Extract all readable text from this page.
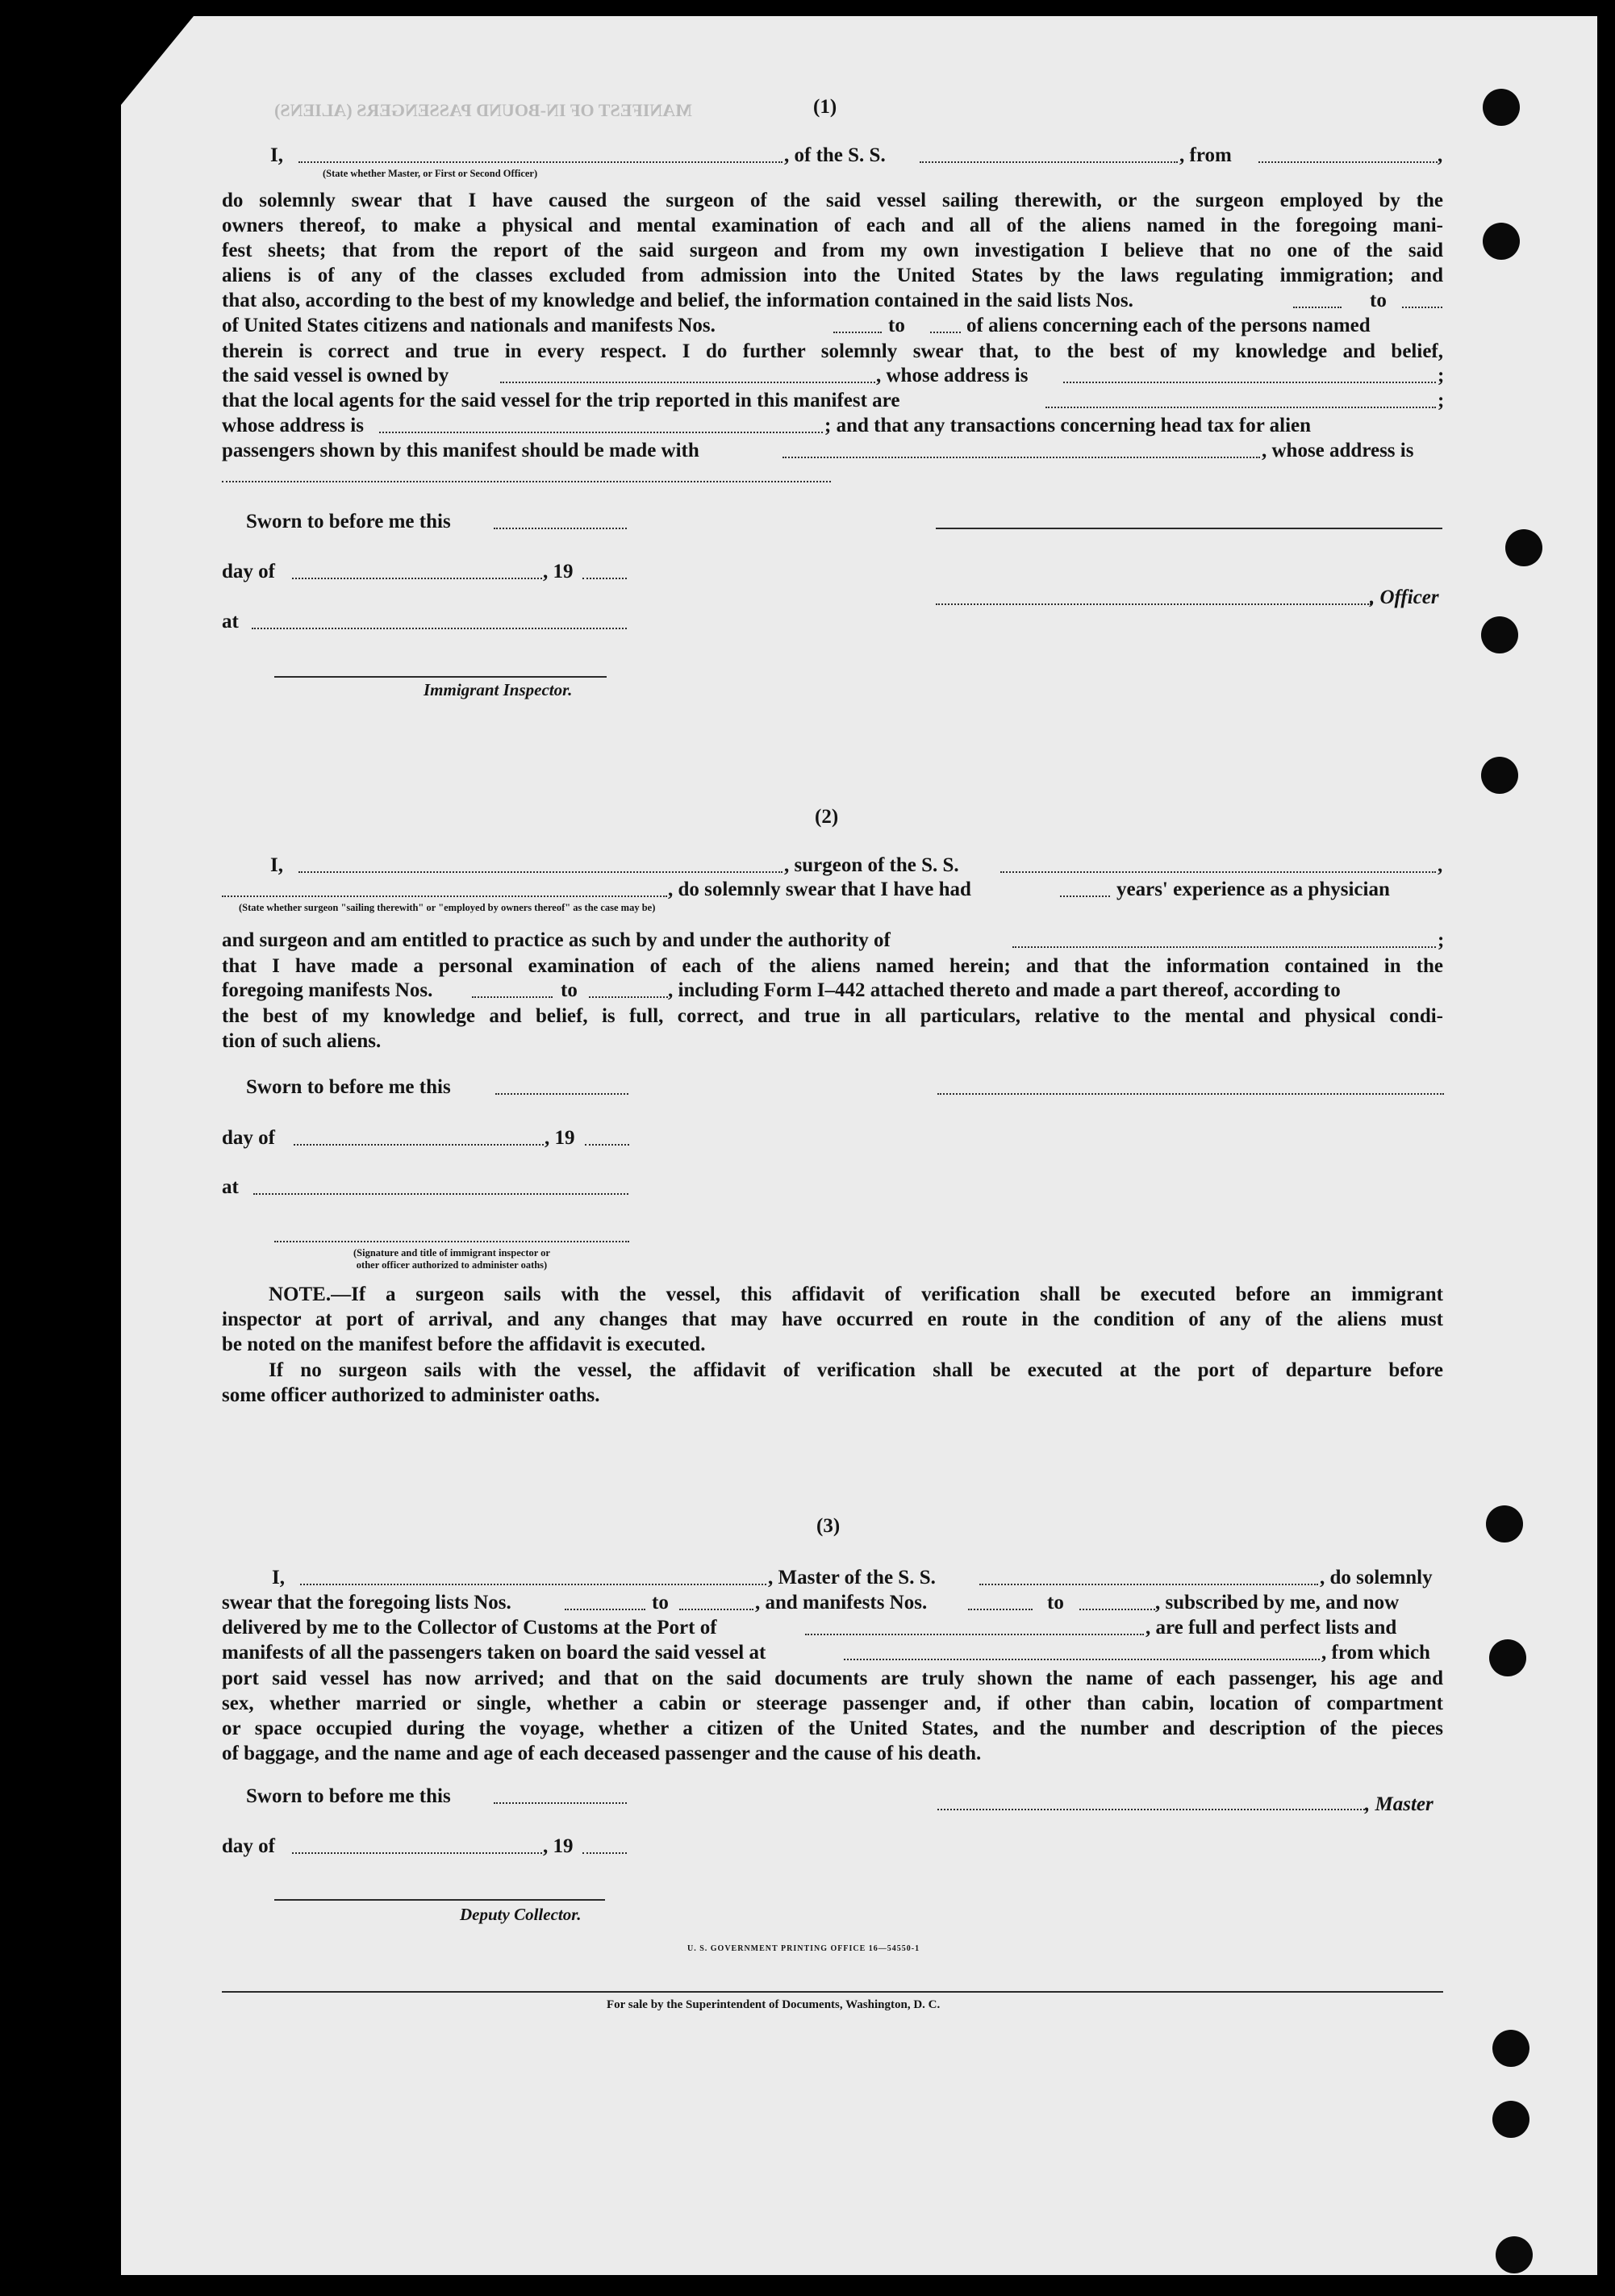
MANIFEST OF IN-BOUND PASSENGERS (ALIENS)	(1)
I,	, of the S. S.	, from	,
(State whether Master, or First or Second Officer)
do solemnly swear that I have caused the surgeon of the said vessel sailing therewith, or the surgeon employed by the
owners thereof, to make a physical and mental examination of each and all of the aliens named in the foregoing mani-
fest sheets; that from the report of the said surgeon and from my own investigation I believe that no one of the said
aliens is of any of the classes excluded from admission into the United States by the laws regulating immigration; and
that also, according to the best of my knowledge and belief, the information contained in the said lists Nos.	to
of United States citizens and nationals and manifests Nos.	to	of aliens concerning each of the persons named
therein is correct and true in every respect. I do further solemnly swear that, to the best of my knowledge and belief,
the said vessel is owned by	, whose address is	;
that the local agents for the said vessel for the trip reported in this manifest are	;
whose address is	; and that any transactions concerning head tax for alien
passengers shown by this manifest should be made with	, whose address is
Sworn to before me this
day of	, 19
, Officer
at
Immigrant Inspector.
(2)
I,	, surgeon of the S. S.	,
, do solemnly swear that I have had	years' experience as a physician
(State whether surgeon "sailing therewith" or "employed by owners thereof" as the case may be)
and surgeon and am entitled to practice as such by and under the authority of	;
that I have made a personal examination of each of the aliens named herein; and that the information contained in the
foregoing manifests Nos.	to	, including Form I–442 attached thereto and made a part thereof, according to
the best of my knowledge and belief, is full, correct, and true in all particulars, relative to the mental and physical condi-
tion of such aliens.
Sworn to before me this
day of	, 19
at
(Signature and title of immigrant inspector or
other officer authorized to administer oaths)
NOTE.—If a surgeon sails with the vessel, this affidavit of verification shall be executed before an immigrant
inspector at port of arrival, and any changes that may have occurred en route in the condition of any of the aliens must
be noted on the manifest before the affidavit is executed.
If no surgeon sails with the vessel, the affidavit of verification shall be executed at the port of departure before
some officer authorized to administer oaths.
(3)
I,	, Master of the S. S.	, do solemnly
swear that the foregoing lists Nos.	to	, and manifests Nos.	to	, subscribed by me, and now
delivered by me to the Collector of Customs at the Port of	, are full and perfect lists and
manifests of all the passengers taken on board the said vessel at	, from which
port said vessel has now arrived; and that on the said documents are truly shown the name of each passenger, his age and
sex, whether married or single, whether a cabin or steerage passenger and, if other than cabin, location of compartment
or space occupied during the voyage, whether a citizen of the United States, and the number and description of the pieces
of baggage, and the name and age of each deceased passenger and the cause of his death.
Sworn to before me this	, Master
day of	, 19
Deputy Collector.
U. S. GOVERNMENT PRINTING OFFICE 16—54550-1
For sale by the Superintendent of Documents, Washington, D. C.
